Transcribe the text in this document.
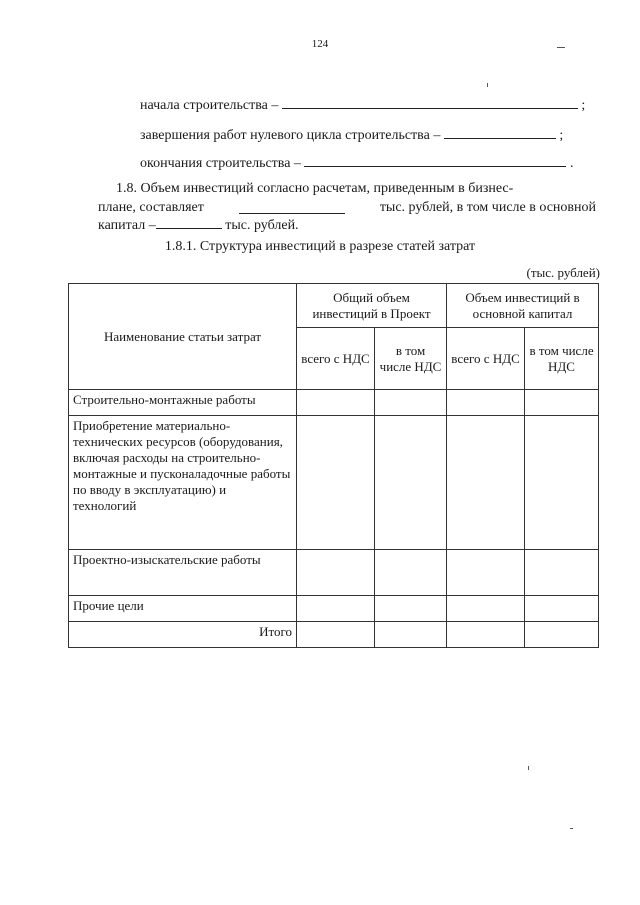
124
начала строительства –	;
завершения работ нулевого цикла строительства –	;
окончания строительства –	.
1.8. Объем инвестиций согласно расчетам, приведенным в бизнес-
плане, составляет	тыс. рублей, в том числе в основной
капитал –	тыс. рублей.
1.8.1. Структура инвестиций в разрезе статей затрат
(тыс. рублей)
Наименование статьи затрат	Общий объем инвестиций в Проект		Объем инвестиций в основной капитал	
	всего с НДС	в том числе НДС	всего с НДС	в том числе НДС
Строительно-монтажные работы				
Приобретение материально-технических ресурсов (оборудования, включая расходы на строительно-монтажные и пусконаладочные работы по вводу в эксплуатацию) и технологий				
Проектно-изыскательские работы				
Прочие цели				
Итого				
